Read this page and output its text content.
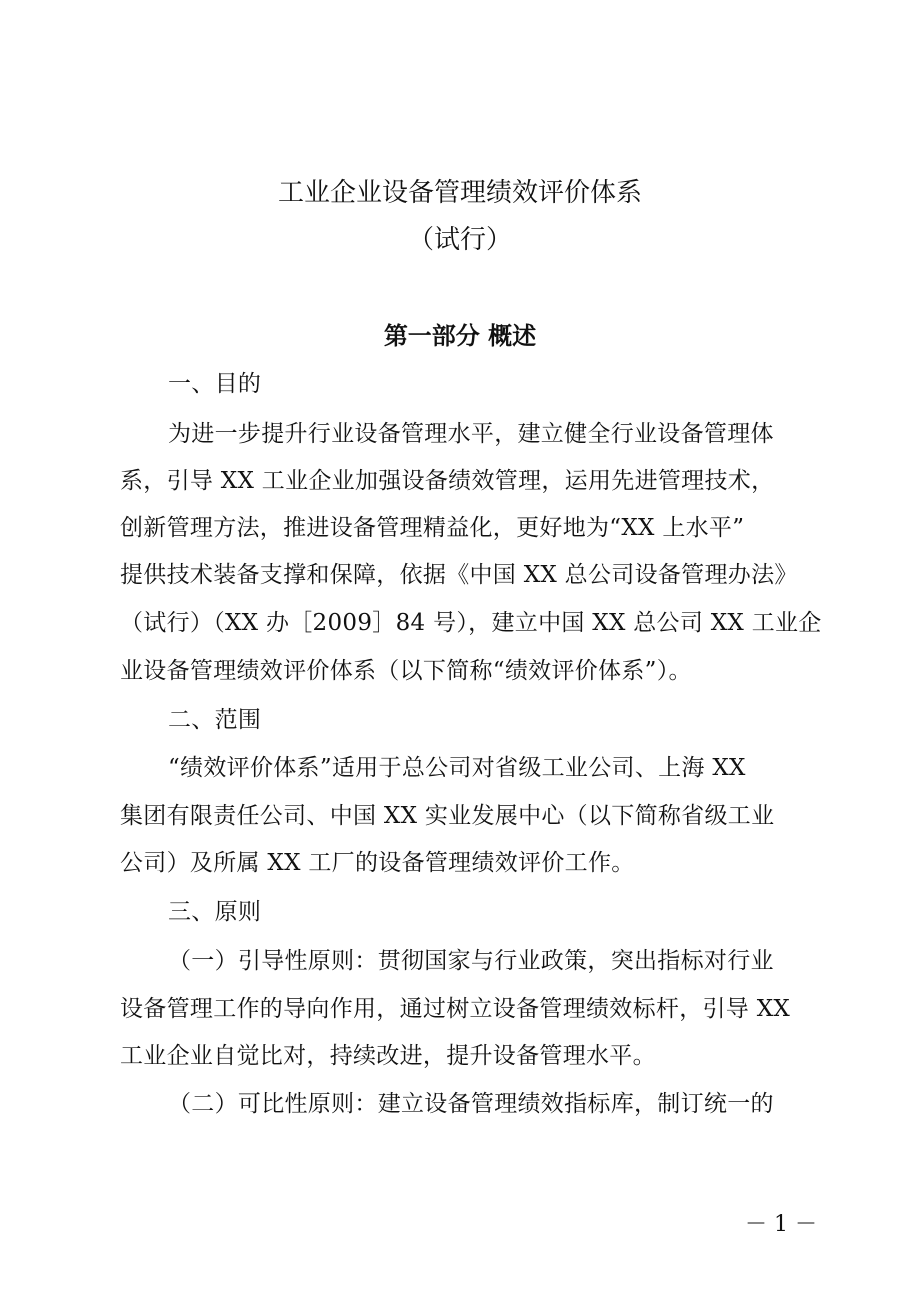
工业企业设备管理绩效评价体系
（试行）
第一部分 概述
一、目的
为进一步提升行业设备管理水平，建立健全行业设备管理体
系，引导 XX 工业企业加强设备绩效管理，运用先进管理技术，
创新管理方法，推进设备管理精益化，更好地为“XX 上水平”
提供技术装备支撑和保障，依据《中国 XX 总公司设备管理办法》
（试行）（XX 办［2009］84 号），建立中国 XX 总公司 XX 工业企
业设备管理绩效评价体系（以下简称“绩效评价体系”）。
二、范围
“绩效评价体系”适用于总公司对省级工业公司、上海 XX
集团有限责任公司、中国 XX 实业发展中心（以下简称省级工业
公司）及所属 XX 工厂的设备管理绩效评价工作。
三、原则
（一）引导性原则：贯彻国家与行业政策，突出指标对行业
设备管理工作的导向作用，通过树立设备管理绩效标杆，引导 XX
工业企业自觉比对，持续改进，提升设备管理水平。
（二）可比性原则：建立设备管理绩效指标库，制订统一的
－ 1 －
